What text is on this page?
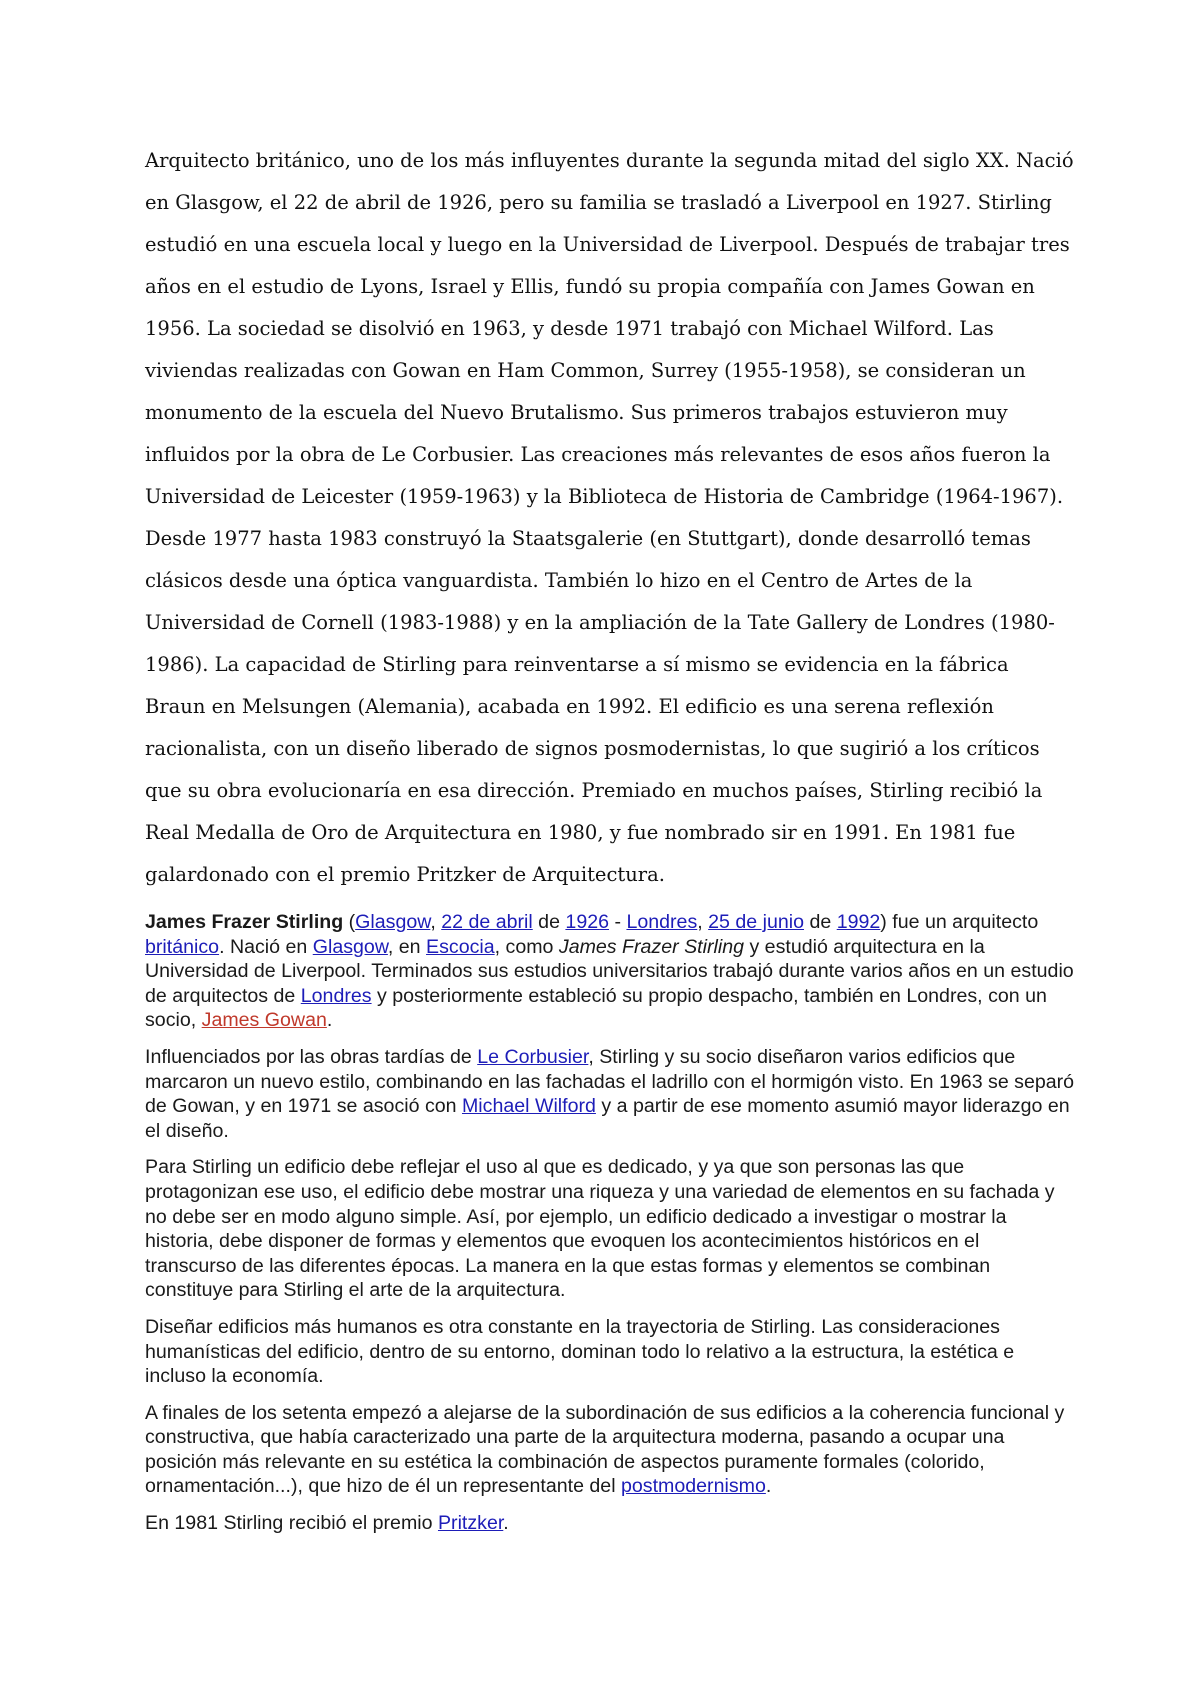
Arquitecto británico, uno de los más influyentes durante la segunda mitad del siglo XX. Nació en Glasgow, el 22 de abril de 1926, pero su familia se trasladó a Liverpool en 1927. Stirling estudió en una escuela local y luego en la Universidad de Liverpool. Después de trabajar tres años en el estudio de Lyons, Israel y Ellis, fundó su propia compañía con James Gowan en 1956. La sociedad se disolvió en 1963, y desde 1971 trabajó con Michael Wilford. Las viviendas realizadas con Gowan en Ham Common, Surrey (1955-1958), se consideran un monumento de la escuela del Nuevo Brutalismo. Sus primeros trabajos estuvieron muy influidos por la obra de Le Corbusier. Las creaciones más relevantes de esos años fueron la Universidad de Leicester (1959-1963) y la Biblioteca de Historia de Cambridge (1964-1967). Desde 1977 hasta 1983 construyó la Staatsgalerie (en Stuttgart), donde desarrolló temas clásicos desde una óptica vanguardista. También lo hizo en el Centro de Artes de la Universidad de Cornell (1983-1988) y en la ampliación de la Tate Gallery de Londres (1980-1986). La capacidad de Stirling para reinventarse a sí mismo se evidencia en la fábrica Braun en Melsungen (Alemania), acabada en 1992. El edificio es una serena reflexión racionalista, con un diseño liberado de signos posmodernistas, lo que sugirió a los críticos que su obra evolucionaría en esa dirección. Premiado en muchos países, Stirling recibió la Real Medalla de Oro de Arquitectura en 1980, y fue nombrado sir en 1991. En 1981 fue galardonado con el premio Pritzker de Arquitectura.

James Frazer Stirling (Glasgow, 22 de abril de 1926 - Londres, 25 de junio de 1992) fue un arquitecto británico. Nació en Glasgow, en Escocia, como James Frazer Stirling y estudió arquitectura en la Universidad de Liverpool. Terminados sus estudios universitarios trabajó durante varios años en un estudio de arquitectos de Londres y posteriormente estableció su propio despacho, también en Londres, con un socio, James Gowan.

Influenciados por las obras tardías de Le Corbusier, Stirling y su socio diseñaron varios edificios que marcaron un nuevo estilo, combinando en las fachadas el ladrillo con el hormigón visto. En 1963 se separó de Gowan, y en 1971 se asoció con Michael Wilford y a partir de ese momento asumió mayor liderazgo en el diseño.

Para Stirling un edificio debe reflejar el uso al que es dedicado, y ya que son personas las que protagonizan ese uso, el edificio debe mostrar una riqueza y una variedad de elementos en su fachada y no debe ser en modo alguno simple. Así, por ejemplo, un edificio dedicado a investigar o mostrar la historia, debe disponer de formas y elementos que evoquen los acontecimientos históricos en el transcurso de las diferentes épocas. La manera en la que estas formas y elementos se combinan constituye para Stirling el arte de la arquitectura.

Diseñar edificios más humanos es otra constante en la trayectoria de Stirling. Las consideraciones humanísticas del edificio, dentro de su entorno, dominan todo lo relativo a la estructura, la estética e incluso la economía.

A finales de los setenta empezó a alejarse de la subordinación de sus edificios a la coherencia funcional y constructiva, que había caracterizado una parte de la arquitectura moderna, pasando a ocupar una posición más relevante en su estética la combinación de aspectos puramente formales (colorido, ornamentación...), que hizo de él un representante del postmodernismo.

En 1981 Stirling recibió el premio Pritzker.
